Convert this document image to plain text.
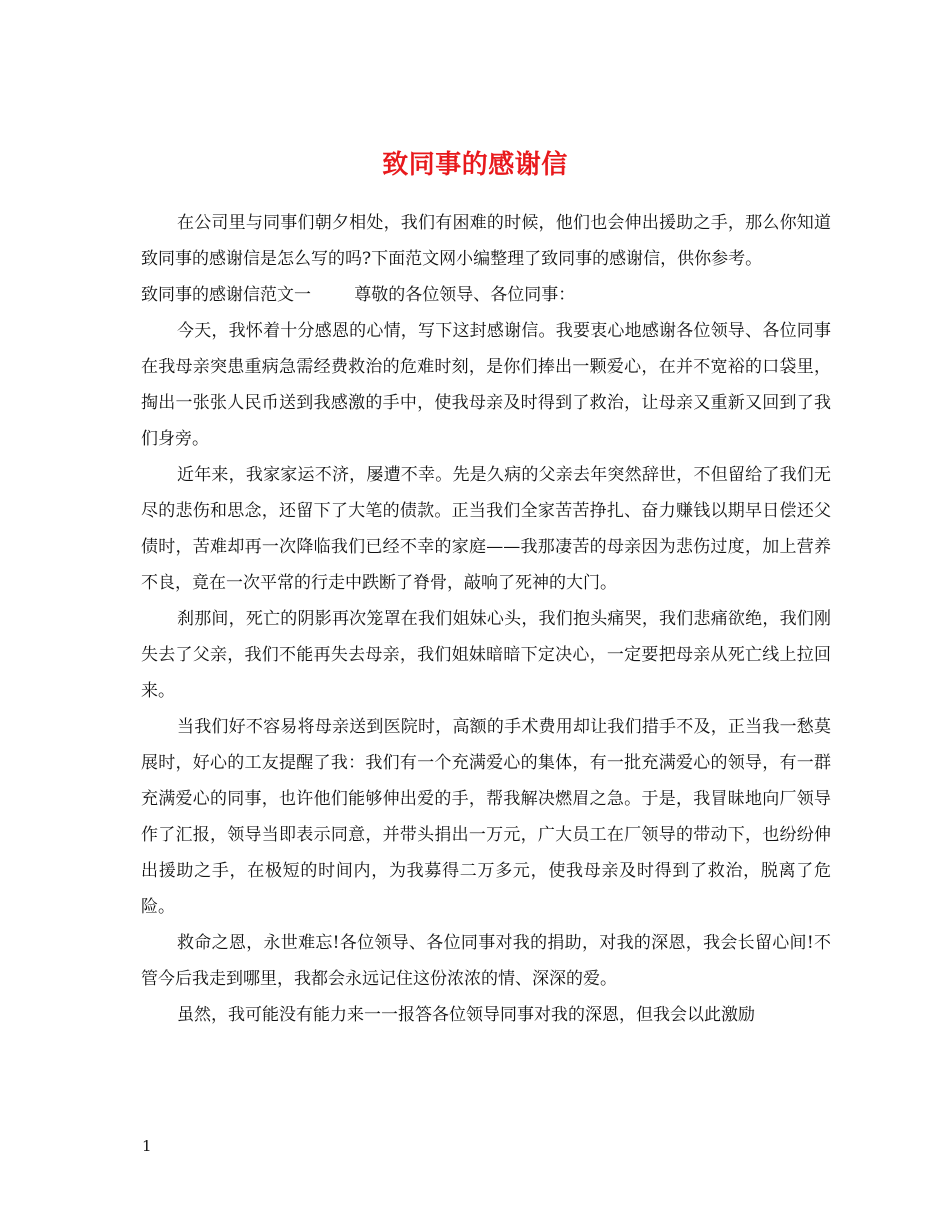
致同事的感谢信

在公司里与同事们朝夕相处，我们有困难的时候，他们也会伸出援助之手，那么你知道致同事的感谢信是怎么写的吗?下面范文网小编整理了致同事的感谢信，供你参考。

致同事的感谢信范文一        尊敬的各位领导、各位同事：

今天，我怀着十分感恩的心情，写下这封感谢信。我要衷心地感谢各位领导、各位同事在我母亲突患重病急需经费救治的危难时刻，是你们捧出一颗爱心，在并不宽裕的口袋里，掏出一张张人民币送到我感激的手中，使我母亲及时得到了救治，让母亲又重新又回到了我们身旁。

近年来，我家家运不济，屡遭不幸。先是久病的父亲去年突然辞世，不但留给了我们无尽的悲伤和思念，还留下了大笔的债款。正当我们全家苦苦挣扎、奋力赚钱以期早日偿还父债时，苦难却再一次降临我们已经不幸的家庭——我那凄苦的母亲因为悲伤过度，加上营养不良，竟在一次平常的行走中跌断了脊骨，敲响了死神的大门。

刹那间，死亡的阴影再次笼罩在我们姐妹心头，我们抱头痛哭，我们悲痛欲绝，我们刚失去了父亲，我们不能再失去母亲，我们姐妹暗暗下定决心，一定要把母亲从死亡线上拉回来。

当我们好不容易将母亲送到医院时，高额的手术费用却让我们措手不及，正当我一愁莫展时，好心的工友提醒了我：我们有一个充满爱心的集体，有一批充满爱心的领导，有一群充满爱心的同事，也许他们能够伸出爱的手，帮我解决燃眉之急。于是，我冒昧地向厂领导作了汇报，领导当即表示同意，并带头捐出一万元，广大员工在厂领导的带动下，也纷纷伸出援助之手，在极短的时间内，为我募得二万多元，使我母亲及时得到了救治，脱离了危险。

救命之恩，永世难忘!各位领导、各位同事对我的捐助，对我的深恩，我会长留心间!不管今后我走到哪里，我都会永远记住这份浓浓的情、深深的爱。

虽然，我可能没有能力来一一报答各位领导同事对我的深恩，但我会以此激励

1
